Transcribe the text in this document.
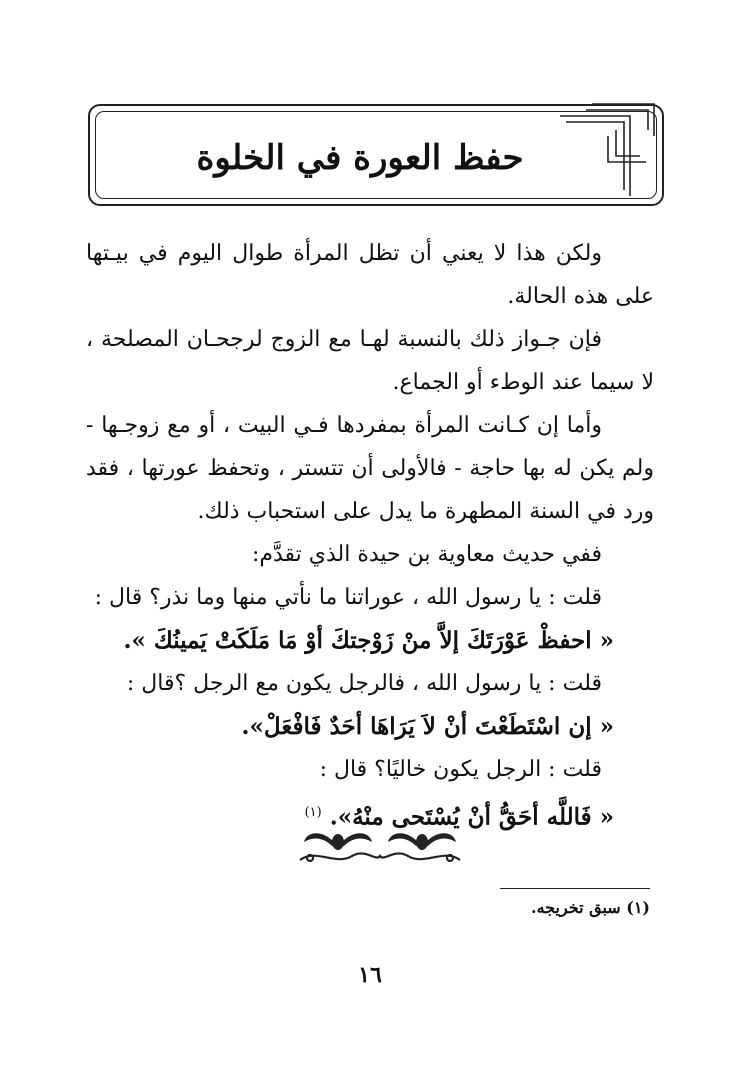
حفظ العورة في الخلوة

ولكن هذا لا يعني أن تظل المرأة طوال اليوم في بيـتها على هذه الحالة.

فإن جـواز ذلك بالنسبة لهـا مع الزوج لرجحـان المصلحة ، لا سيما عند الوطء أو الجماع.

وأما إن كـانت المرأة بمفردها فـي البيت ، أو مع زوجـها - ولم يكن له بها حاجة - فالأولى أن تتستر ، وتحفظ عورتها ، فقد ورد في السنة المطهرة ما يدل على استحباب ذلك.

ففي حديث معاوية بن حيدة الذي تقدَّم:

قلت : يا رسول الله ، عوراتنا ما نأتي منها وما نذر؟ قال :

« احفظْ عَوْرَتَكَ إلاَّ منْ زَوْجتكَ أوْ مَا مَلَكَتْ يَمينُكَ ».

قلت : يا رسول الله ، فالرجل يكون مع الرجل ؟قال :

« إن اسْتَطَعْتَ أنْ لاَ يَرَاهَا أحَدٌ فَافْعَلْ».

قلت : الرجل يكون خاليًا؟ قال :

« فَاللَّه أحَقُّ أنْ يُسْتَحى منْهُ». $^{(١)}$

(١) سبق تخريجه.
١٦
